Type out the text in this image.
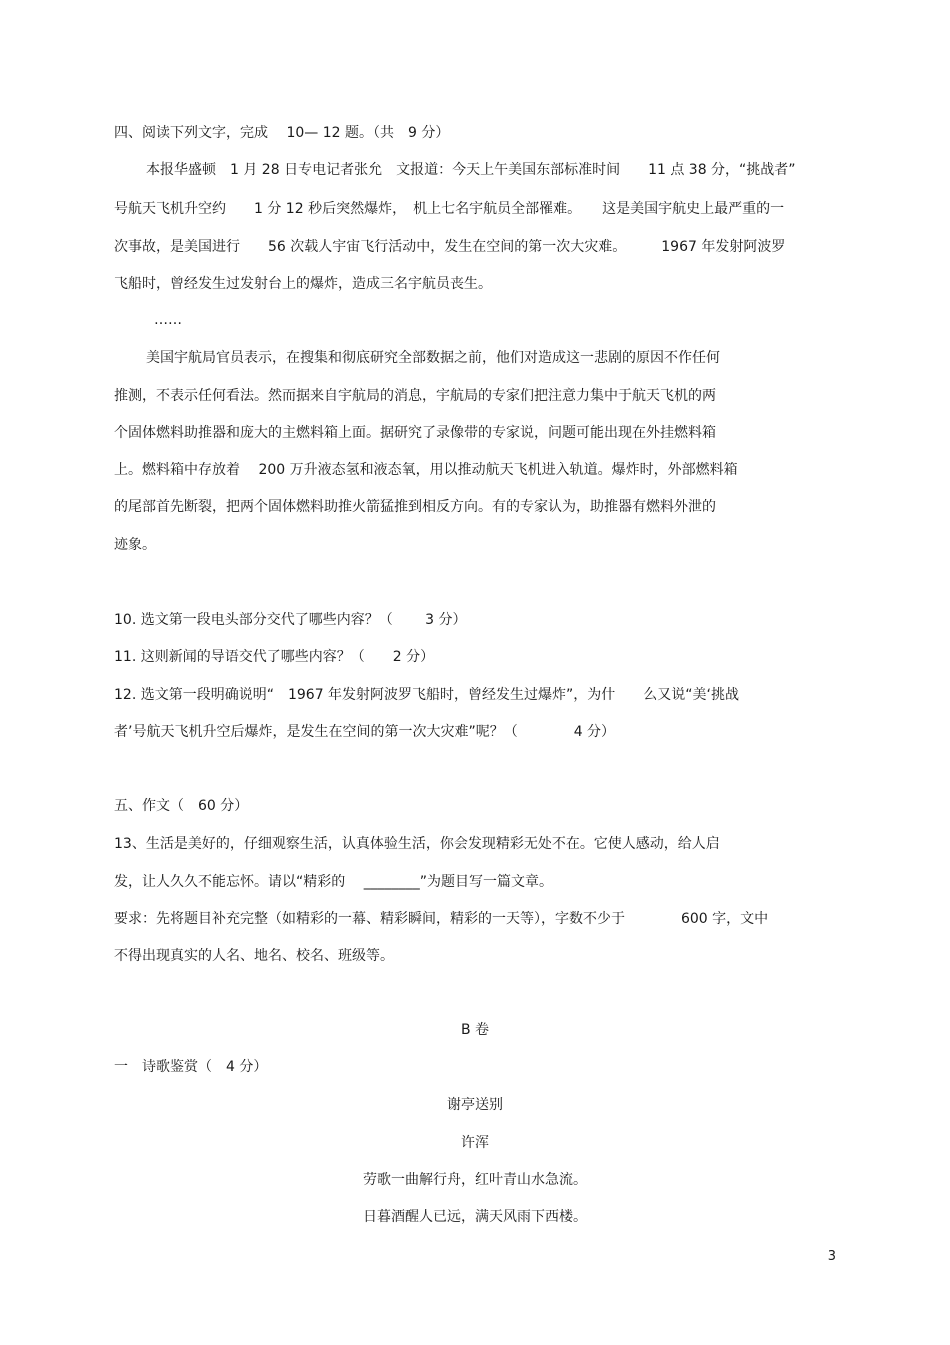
四、阅读下列文字，完成　 10— 12 题。（共　9 分）
本报华盛顿　1 月 28 日专电记者张允　文报道：今天上午美国东部标准时间　　11 点 38 分，“挑战者”
号航天飞机升空约　　1 分 12 秒后突然爆炸，　机上七名宇航员全部罹难。　　这是美国宇航史上最严重的一
次事故，是美国进行　　56 次载人宇宙飞行活动中，发生在空间的第一次大灾难。　　　1967 年发射阿波罗
飞船时，曾经发生过发射台上的爆炸，造成三名宇航员丧生。
……
美国宇航局官员表示，在搜集和彻底研究全部数据之前，他们对造成这一悲剧的原因不作任何
推测，不表示任何看法。然而据来自宇航局的消息，宇航局的专家们把注意力集中于航天飞机的两
个固体燃料助推器和庞大的主燃料箱上面。据研究了录像带的专家说，问题可能出现在外挂燃料箱
上。燃料箱中存放着　 200 万升液态氢和液态氧，用以推动航天飞机进入轨道。爆炸时，外部燃料箱
的尾部首先断裂，把两个固体燃料助推火箭猛推到相反方向。有的专家认为，助推器有燃料外泄的
迹象。
10. 选文第一段电头部分交代了哪些内容？（　　 3 分）
11. 这则新闻的导语交代了哪些内容？（　　2 分）
12. 选文第一段明确说明“　1967 年发射阿波罗飞船时，曾经发生过爆炸”，为什　　么又说“美‘挑战
者’号航天飞机升空后爆炸，是发生在空间的第一次大灾难”呢？（　　　　4 分）
五、作文（　60 分）
13、生活是美好的，仔细观察生活，认真体验生活，你会发现精彩无处不在。它使人感动，给人启
发，让人久久不能忘怀。请以“精彩的　 ________”为题目写一篇文章。
要求：先将题目补充完整（如精彩的一幕、精彩瞬间，精彩的一天等），字数不少于　　　　600 字，文中
不得出现真实的人名、地名、校名、班级等。
B 卷
一　诗歌鉴赏（　4 分）
谢亭送别
许浑
劳歌一曲解行舟，红叶青山水急流。
日暮酒醒人已远，满天风雨下西楼。
3
